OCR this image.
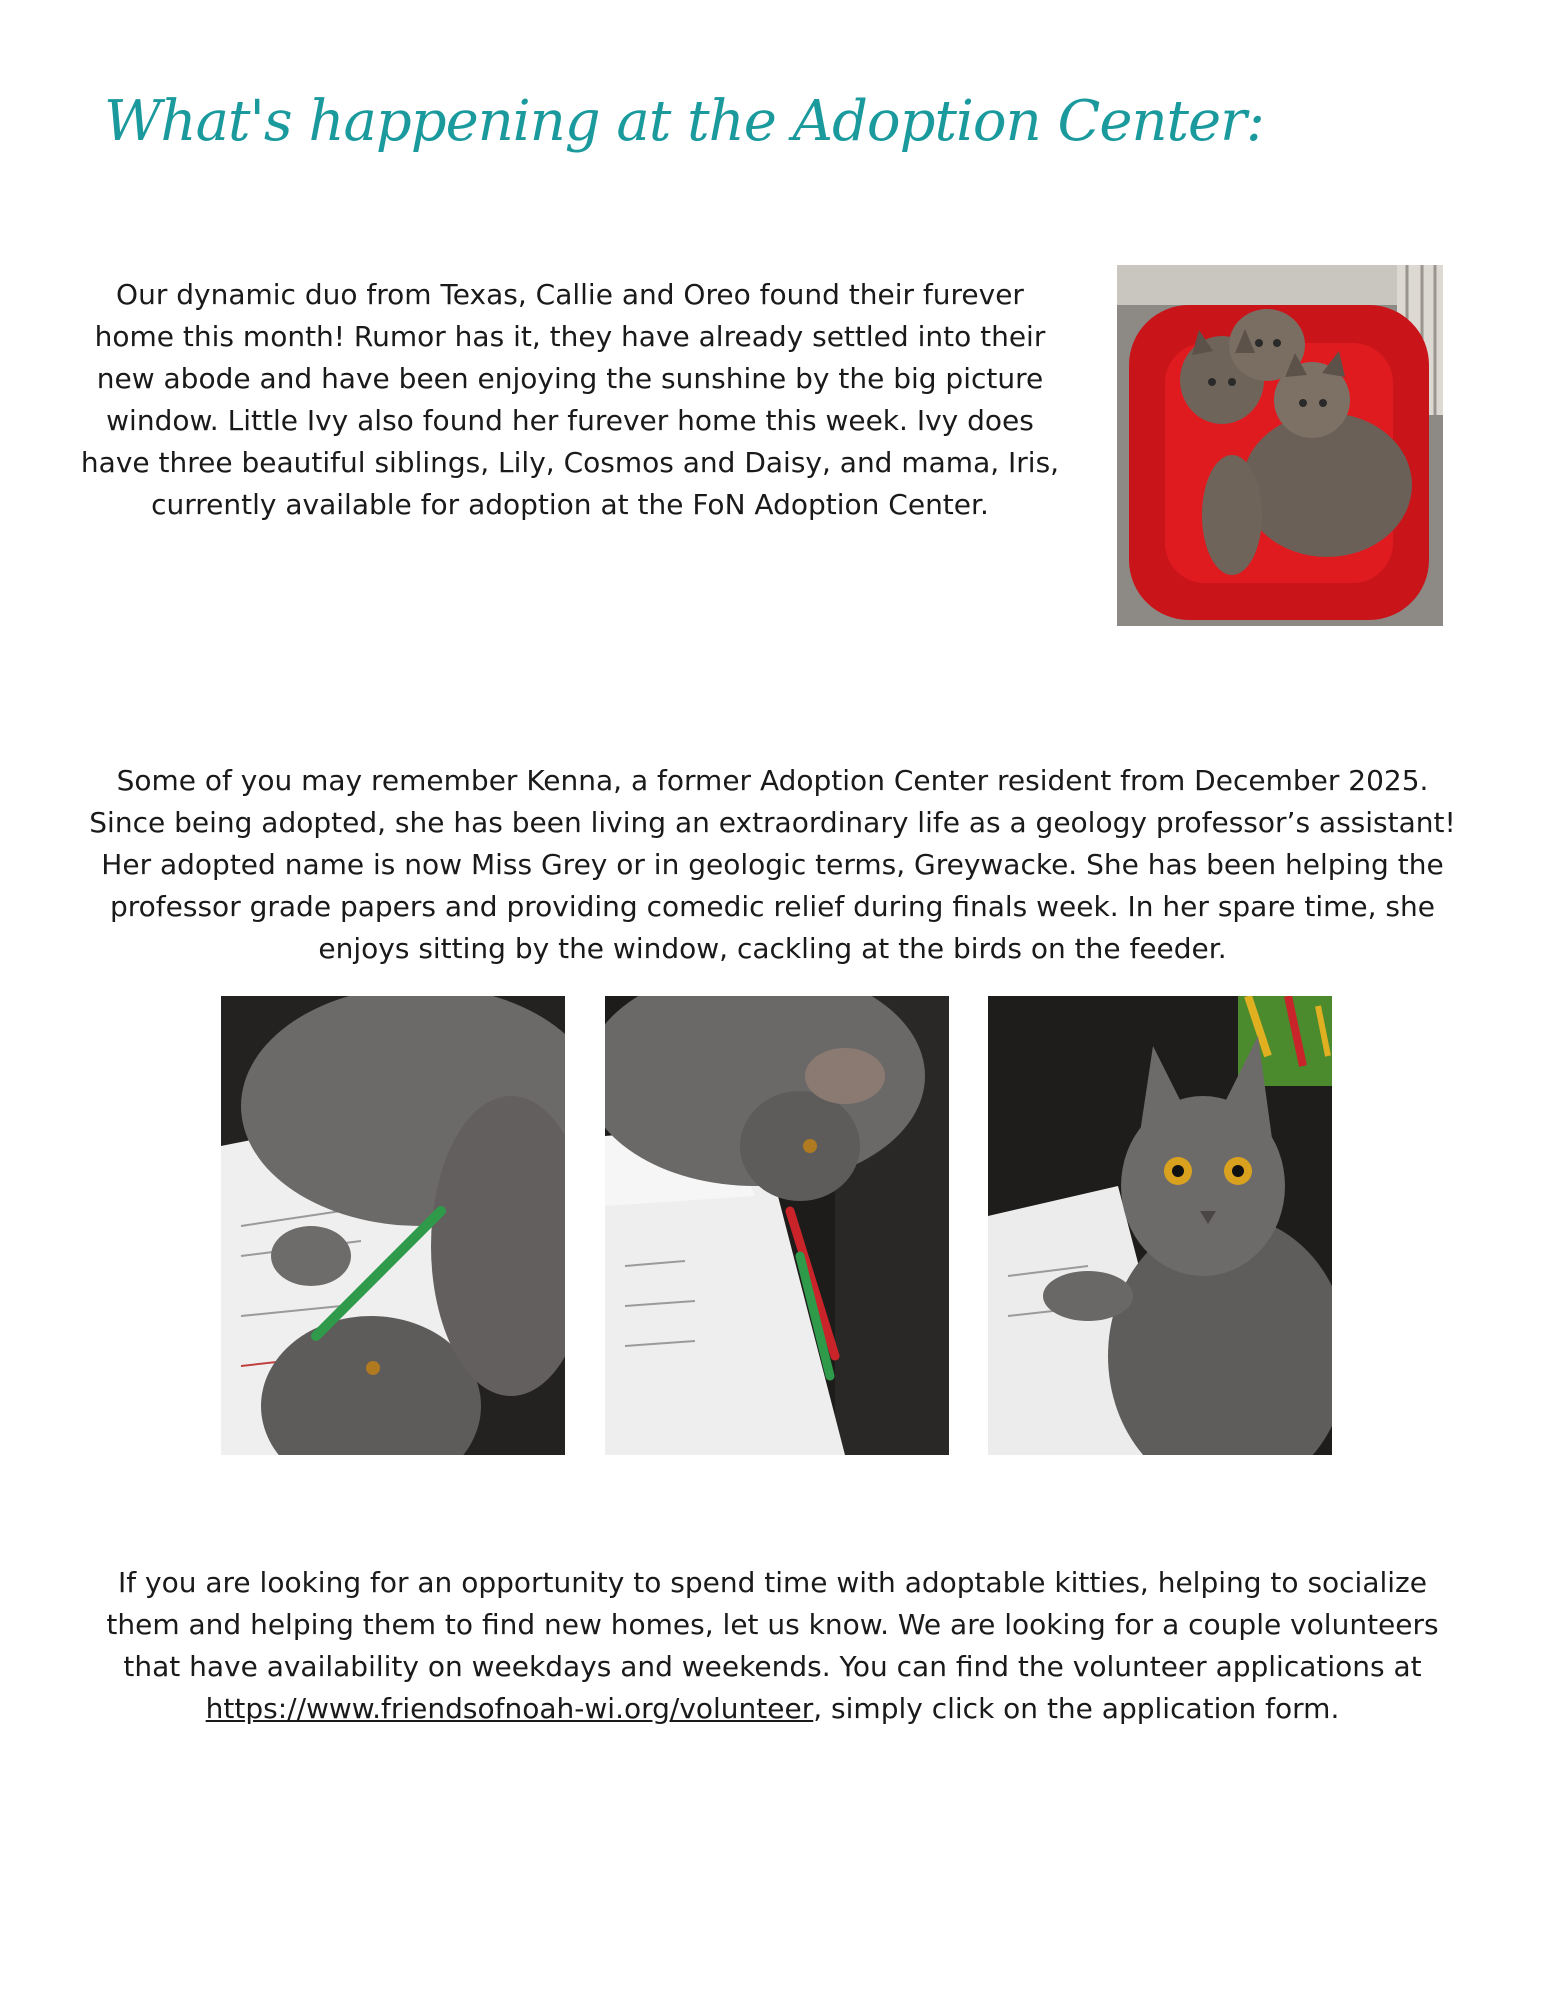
What's happening at the Adoption Center:

Our dynamic duo from Texas, Callie and Oreo found their furever home this month! Rumor has it, they have already settled into their new abode and have been enjoying the sunshine by the big picture window. Little Ivy also found her furever home this week. Ivy does have three beautiful siblings, Lily, Cosmos and Daisy, and mama, Iris, currently available for adoption at the FoN Adoption Center.

Some of you may remember Kenna, a former Adoption Center resident from December 2025. Since being adopted, she has been living an extraordinary life as a geology professor’s assistant! Her adopted name is now Miss Grey or in geologic terms, Greywacke. She has been helping the professor grade papers and providing comedic relief during finals week. In her spare time, she enjoys sitting by the window, cackling at the birds on the feeder.

If you are looking for an opportunity to spend time with adoptable kitties, helping to socialize them and helping them to find new homes, let us know. We are looking for a couple volunteers that have availability on weekdays and weekends. You can find the volunteer applications at https://www.friendsofnoah-wi.org/volunteer, simply click on the application form.
